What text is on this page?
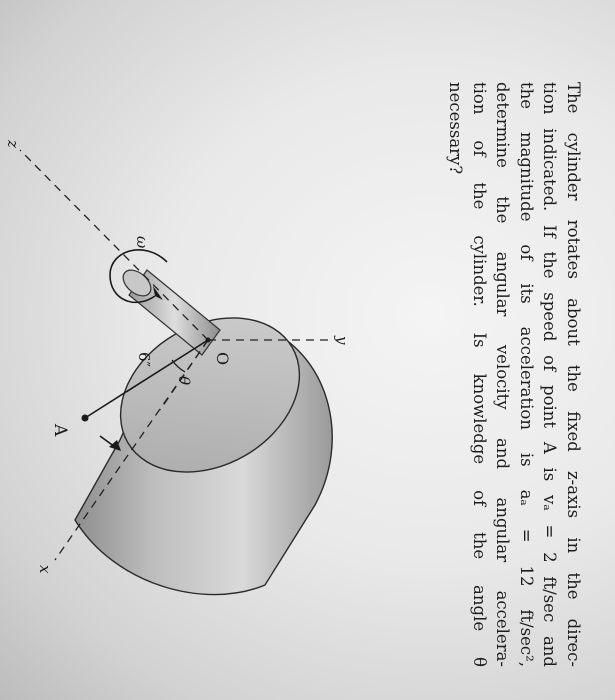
The cylinder rotates about the fixed z-axis in the direc-
tion indicated. If the speed of point A is vₐ = 2 ft/sec and
the magnitude of its acceleration is aₐ = 12 ft/sec²,
determine the angular velocity and angular accelera-
tion of the cylinder. Is knowledge of the angle θ
necessary?

y
x
z
O
θ
6″
A
ω
